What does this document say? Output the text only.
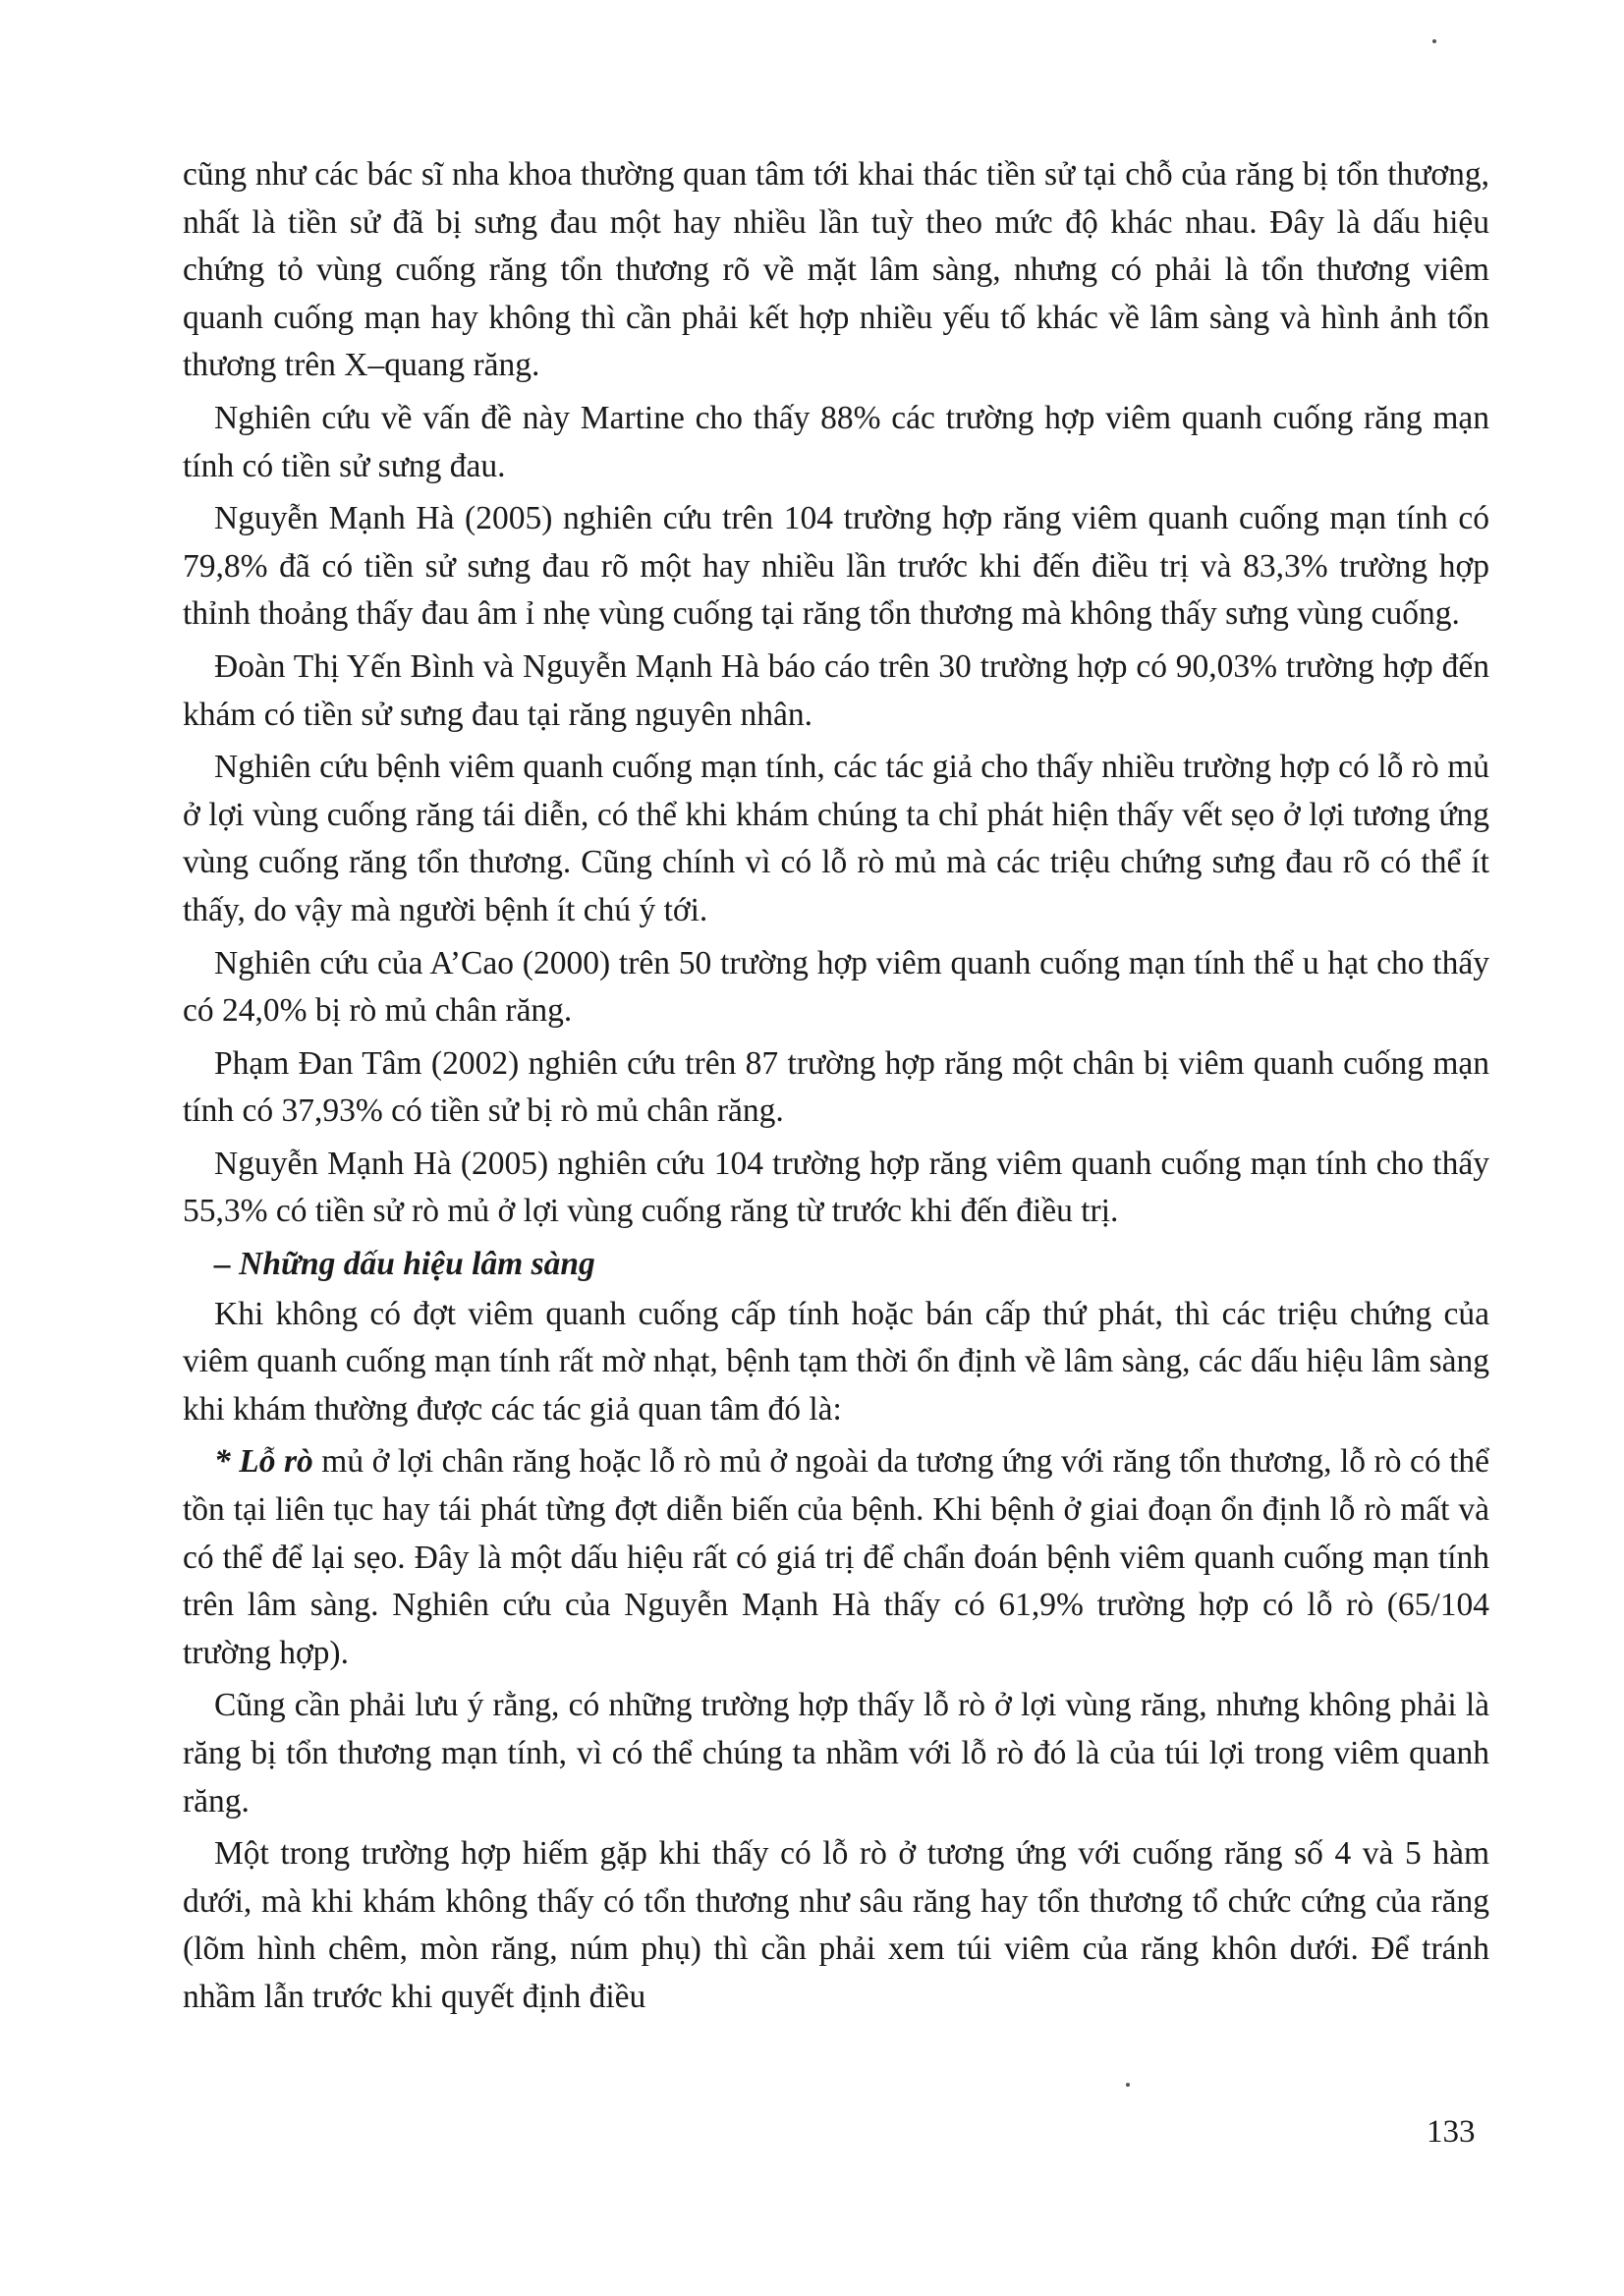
cũng như các bác sĩ nha khoa thường quan tâm tới khai thác tiền sử tại chỗ của răng bị tổn thương, nhất là tiền sử đã bị sưng đau một hay nhiều lần tuỳ theo mức độ khác nhau. Đây là dấu hiệu chứng tỏ vùng cuống răng tổn thương rõ về mặt lâm sàng, nhưng có phải là tổn thương viêm quanh cuống mạn hay không thì cần phải kết hợp nhiều yếu tố khác về lâm sàng và hình ảnh tổn thương trên X–quang răng.

Nghiên cứu về vấn đề này Martine cho thấy 88% các trường hợp viêm quanh cuống răng mạn tính có tiền sử sưng đau.

Nguyễn Mạnh Hà (2005) nghiên cứu trên 104 trường hợp răng viêm quanh cuống mạn tính có 79,8% đã có tiền sử sưng đau rõ một hay nhiều lần trước khi đến điều trị và 83,3% trường hợp thỉnh thoảng thấy đau âm ỉ nhẹ vùng cuống tại răng tổn thương mà không thấy sưng vùng cuống.

Đoàn Thị Yến Bình và Nguyễn Mạnh Hà báo cáo trên 30 trường hợp có 90,03% trường hợp đến khám có tiền sử sưng đau tại răng nguyên nhân.

Nghiên cứu bệnh viêm quanh cuống mạn tính, các tác giả cho thấy nhiều trường hợp có lỗ rò mủ ở lợi vùng cuống răng tái diễn, có thể khi khám chúng ta chỉ phát hiện thấy vết sẹo ở lợi tương ứng vùng cuống răng tổn thương. Cũng chính vì có lỗ rò mủ mà các triệu chứng sưng đau rõ có thể ít thấy, do vậy mà người bệnh ít chú ý tới.

Nghiên cứu của A’Cao (2000) trên 50 trường hợp viêm quanh cuống mạn tính thể u hạt cho thấy có 24,0% bị rò mủ chân răng.

Phạm Đan Tâm (2002) nghiên cứu trên 87 trường hợp răng một chân bị viêm quanh cuống mạn tính có 37,93% có tiền sử bị rò mủ chân răng.

Nguyễn Mạnh Hà (2005) nghiên cứu 104 trường hợp răng viêm quanh cuống mạn tính cho thấy 55,3% có tiền sử rò mủ ở lợi vùng cuống răng từ trước khi đến điều trị.

– Những dấu hiệu lâm sàng

Khi không có đợt viêm quanh cuống cấp tính hoặc bán cấp thứ phát, thì các triệu chứng của viêm quanh cuống mạn tính rất mờ nhạt, bệnh tạm thời ổn định về lâm sàng, các dấu hiệu lâm sàng khi khám thường được các tác giả quan tâm đó là:

* Lỗ rò mủ ở lợi chân răng hoặc lỗ rò mủ ở ngoài da tương ứng với răng tổn thương, lỗ rò có thể tồn tại liên tục hay tái phát từng đợt diễn biến của bệnh. Khi bệnh ở giai đoạn ổn định lỗ rò mất và có thể để lại sẹo. Đây là một dấu hiệu rất có giá trị để chẩn đoán bệnh viêm quanh cuống mạn tính trên lâm sàng. Nghiên cứu của Nguyễn Mạnh Hà thấy có 61,9% trường hợp có lỗ rò (65/104 trường hợp).

Cũng cần phải lưu ý rằng, có những trường hợp thấy lỗ rò ở lợi vùng răng, nhưng không phải là răng bị tổn thương mạn tính, vì có thể chúng ta nhầm với lỗ rò đó là của túi lợi trong viêm quanh răng.

Một trong trường hợp hiếm gặp khi thấy có lỗ rò ở tương ứng với cuống răng số 4 và 5 hàm dưới, mà khi khám không thấy có tổn thương như sâu răng hay tổn thương tổ chức cứng của răng (lõm hình chêm, mòn răng, núm phụ) thì cần phải xem túi viêm của răng khôn dưới. Để tránh nhầm lẫn trước khi quyết định điều

133
